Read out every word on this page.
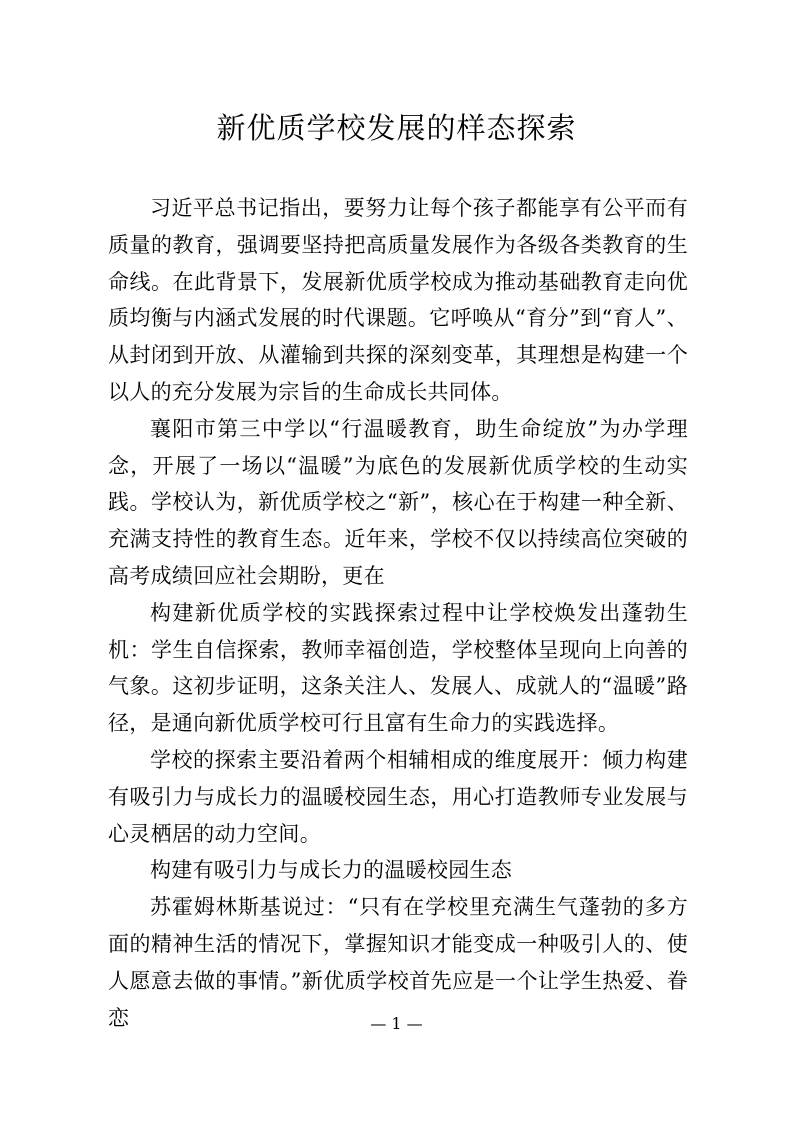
新优质学校发展的样态探索

习近平总书记指出，要努力让每个孩子都能享有公平而有质量的教育，强调要坚持把高质量发展作为各级各类教育的生命线。在此背景下，发展新优质学校成为推动基础教育走向优质均衡与内涵式发展的时代课题。它呼唤从“育分”到“育人”、从封闭到开放、从灌输到共探的深刻变革，其理想是构建一个以人的充分发展为宗旨的生命成长共同体。

襄阳市第三中学以“行温暖教育，助生命绽放”为办学理念，开展了一场以“温暖”为底色的发展新优质学校的生动实践。学校认为，新优质学校之“新”，核心在于构建一种全新、充满支持性的教育生态。近年来，学校不仅以持续高位突破的高考成绩回应社会期盼，更在

构建新优质学校的实践探索过程中让学校焕发出蓬勃生机：学生自信探索，教师幸福创造，学校整体呈现向上向善的气象。这初步证明，这条关注人、发展人、成就人的“温暖”路径，是通向新优质学校可行且富有生命力的实践选择。

学校的探索主要沿着两个相辅相成的维度展开：倾力构建有吸引力与成长力的温暖校园生态，用心打造教师专业发展与心灵栖居的动力空间。

构建有吸引力与成长力的温暖校园生态

苏霍姆林斯基说过：“只有在学校里充满生气蓬勃的多方面的精神生活的情况下，掌握知识才能变成一种吸引人的、使人愿意去做的事情。”新优质学校首先应是一个让学生热爱、眷恋	— 1 —
